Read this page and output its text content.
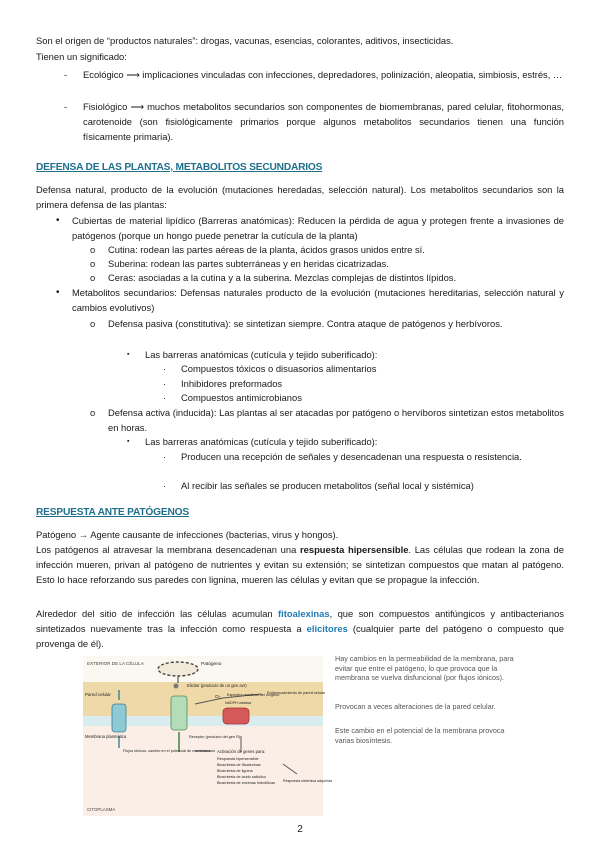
Son el origen de “productos naturales”: drogas, vacunas, esencias, colorantes, aditivos, insecticidas.

Tienen un significado:

- Ecológico ⟶ implicaciones vinculadas con infecciones, depredadores, polinización, aleopatia, simbiosis, estrés, …

- Fisiológico ⟶ muchos metabolitos secundarios son componentes de biomembranas, pared celular, fitohormonas, carotenoide (son fisiológicamente primarios porque algunos metabolitos secundarios tienen una función físicamente primaria).

DEFENSA DE LAS PLANTAS, METABOLITOS SECUNDARIOS

Defensa natural, producto de la evolución (mutaciones heredadas, selección natural). Los metabolitos secundarios son la primera defensa de las plantas:

• Cubiertas de material lipídico (Barreras anatómicas): Reducen la pérdida de agua y protegen frente a invasiones de patógenos (porque un hongo puede penetrar la cutícula de la planta)

o Cutina: rodean las partes aéreas de la planta, ácidos grasos unidos entre sí.

o Suberina: rodean las partes subterráneas y en heridas cicatrizadas.

o Ceras: asociadas a la cutina y a la suberina. Mezclas complejas de distintos lípidos.

• Metabolitos secundarios: Defensas naturales producto de la evolución (mutaciones hereditarias, selección natural y cambios evolutivos)

o Defensa pasiva (constitutiva): se sintetizan siempre. Contra ataque de patógenos y herbívoros.

▪ Las barreras anatómicas (cutícula y tejido suberificado):

· Compuestos tóxicos o disuasorios alimentarios

· Inhibidores preformados

· Compuestos antimicrobianos

o Defensa activa (inducida): Las plantas al ser atacadas por patógeno o hervíboros sintetizan estos metabolitos en horas.

▪ Las barreras anatómicas (cutícula y tejido suberificado):

· Producen una recepción de señales y desencadenan una respuesta o resistencia.

· Al recibir las señales se producen metabolitos (señal local y sistémica)

RESPUESTA ANTE PATÓGENOS

Patógeno → Agente causante de infecciones (bacterias, virus y hongos).

Los patógenos al atravesar la membrana desencadenan una respuesta hipersensible. Las células que rodean la zona de infección mueren, privan al patógeno de nutrientes y evitan su extensión; se sintetizan compuestos que matan al patógeno. Esto lo hace reforzando sus paredes con lignina, mueren las células y evitan que se propague la infección.

Alrededor del sitio de infección las células acumulan fitoalexinas, que son compuestos antifúngicos y antibacterianos sintetizados nuevamente tras la infección como respuesta a elicitores (cualquier parte del patógeno o compuesto que provenga de él).

EXTERIOR DE LA CÉLULA	Patógeno
Elicitor (producto de un gen avr)
O₂ Especies reactivas del oxígeno
Entrecruzamiento de pared celular
Pared celular
Membrana plasmática
Flujos iónicos, cambio en el potencial de membrana
Receptor (producto del gen R)
NADPH oxidasa
Activación de genes para:
Respuesta hipersensible
Biosíntesis de fitoalexinas
Biosíntesis de lignina
Biosíntesis de ácido salicílico
Biosíntesis de enzimas hidrolíticas Respuesta sistémica adquirida
CITOPLASMA
Hay cambios en la permeabilidad de la membrana, para evitar que entre el patógeno, lo que provoca que la membrana se vuelva disfuncional (por flujos iónicos).
Provocan a veces alteraciones de la pared celular.
Este cambio en el potencial de la membrana provoca varias biosíntesis.
2
